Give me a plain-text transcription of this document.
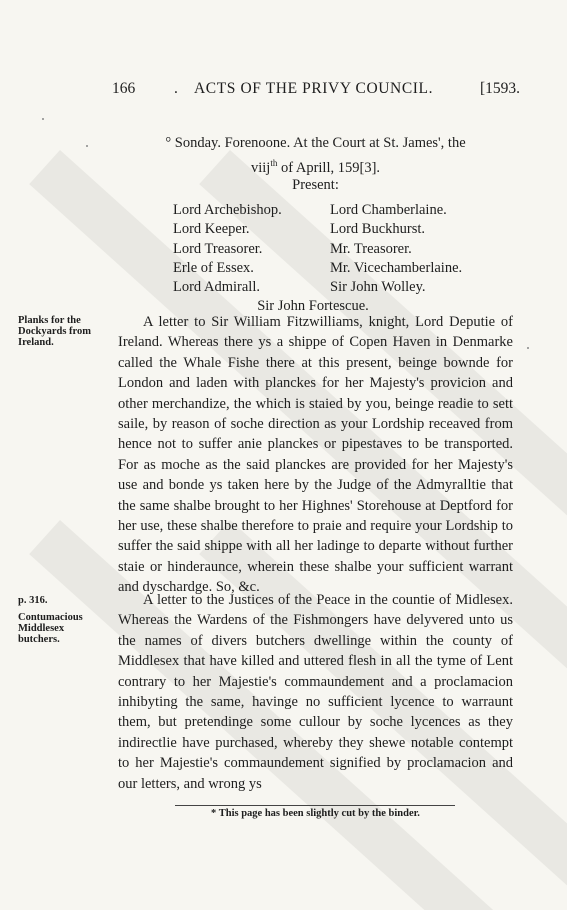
166	. ACTS OF THE PRIVY COUNCIL.	[1593.
° Sonday. Forenoone. At the Court at St. James', the
viij$^{th}$ of Aprill, 159[3].
Present:
Lord Archebishop.	Lord Chamberlaine.
Lord Keeper.	Lord Buckhurst.
Lord Treasorer.	Mr. Treasorer.
Erle of Essex.	Mr. Vicechamberlaine.
Lord Admirall.	Sir John Wolley.
Sir John Fortescue.
Planks for the Dockyards from Ireland.

A letter to Sir William Fitzwilliams, knight, Lord Deputie of Ireland. Whereas there ys a shippe of Copen Haven in Denmarke called the Whale Fishe there at this present, beinge bownde for London and laden with planckes for her Majesty's provicion and other merchandize, the which is staied by you, beinge readie to sett saile, by reason of soche direction as your Lordship receaved from hence not to suffer anie planckes or pipestaves to be transported. For as moche as the said planckes are provided for her Majesty's use and bonde ys taken here by the Judge of the Admyralltie that the same shalbe brought to her Highnes' Storehouse at Deptford for her use, these shalbe therefore to praie and require your Lordship to suffer the said shippe with all her ladinge to departe without further staie or hinderaunce, wherein these shalbe your sufficient warrant and dyschardge. So, &c.

p. 316.
Contumacious Middlesex butchers.

A letter to the Justices of the Peace in the countie of Midlesex. Whereas the Wardens of the Fishmongers have delyvered unto us the names of divers butchers dwellinge within the county of Middlesex that have killed and uttered flesh in all the tyme of Lent contrary to her Majestie's commaundement and a proclamacion inhibyting the same, havinge no sufficient lycence to warraunt them, but pretendinge some cullour by soche lycences as they indirectlie have purchased, whereby they shewe notable contempt to her Majestie's commaundement signified by proclamacion and our letters, and wrong ys

* This page has been slightly cut by the binder.
